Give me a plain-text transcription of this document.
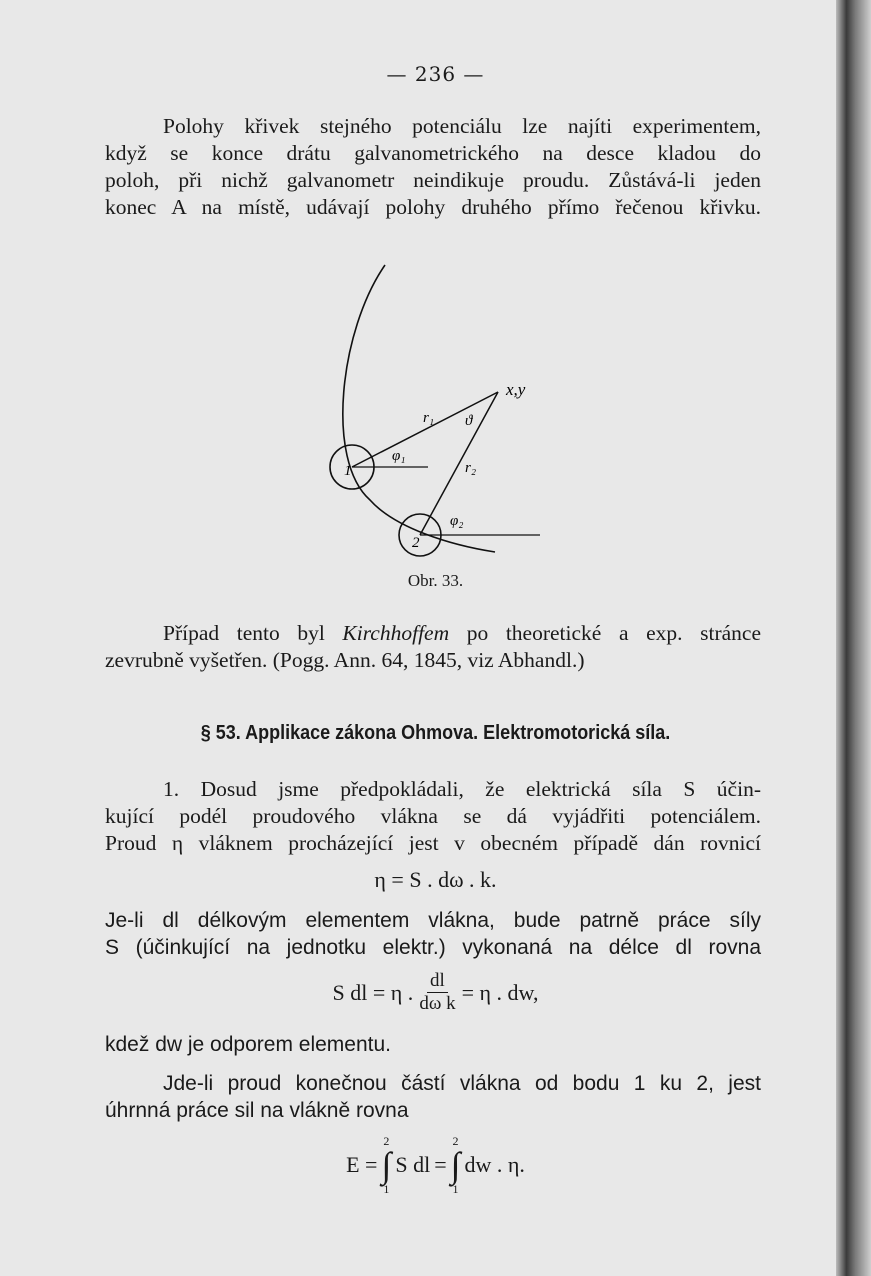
— 236 —
Polohy křivek stejného potenciálu lze najíti experimentem,
když se konce drátu galvanometrického na desce kladou do
poloh, při nichž galvanometr neindikuje proudu. Zůstává-li jeden
konec A na místě, udávají polohy druhého přímo řečenou křivku.
x,y
r₁ ϑ
r₂
φ₁
φ₂
1
2
Obr. 33.
Případ tento byl Kirchhoffem po theoretické a exp. stránce
zevrubně vyšetřen. (Pogg. Ann. 64, 1845, viz Abhandl.)
§ 53. Applikace zákona Ohmova. Elektromotorická síla.
1. Dosud jsme předpokládali, že elektrická síla S účin-
kující podél proudového vlákna se dá vyjádřiti potenciálem.
Proud η vláknem procházející jest v obecném případě dán rovnicí
η = S . dω . k.
Je-li dl délkovým elementem vlákna, bude patrně práce síly
S (účinkující na jednotku elektr.) vykonaná na délce dl rovna
S dl = η . $\frac{dl}{\text{dω k}} = \eta$ . dw,
kdež dw je odporem elementu.
Jde-li proud konečnou částí vlákna od bodu 1 ku 2, jest
úhrnná práce sil na vlákně rovna
E =
2
∫
1
S dl =
2
∫
1
dw . η.
